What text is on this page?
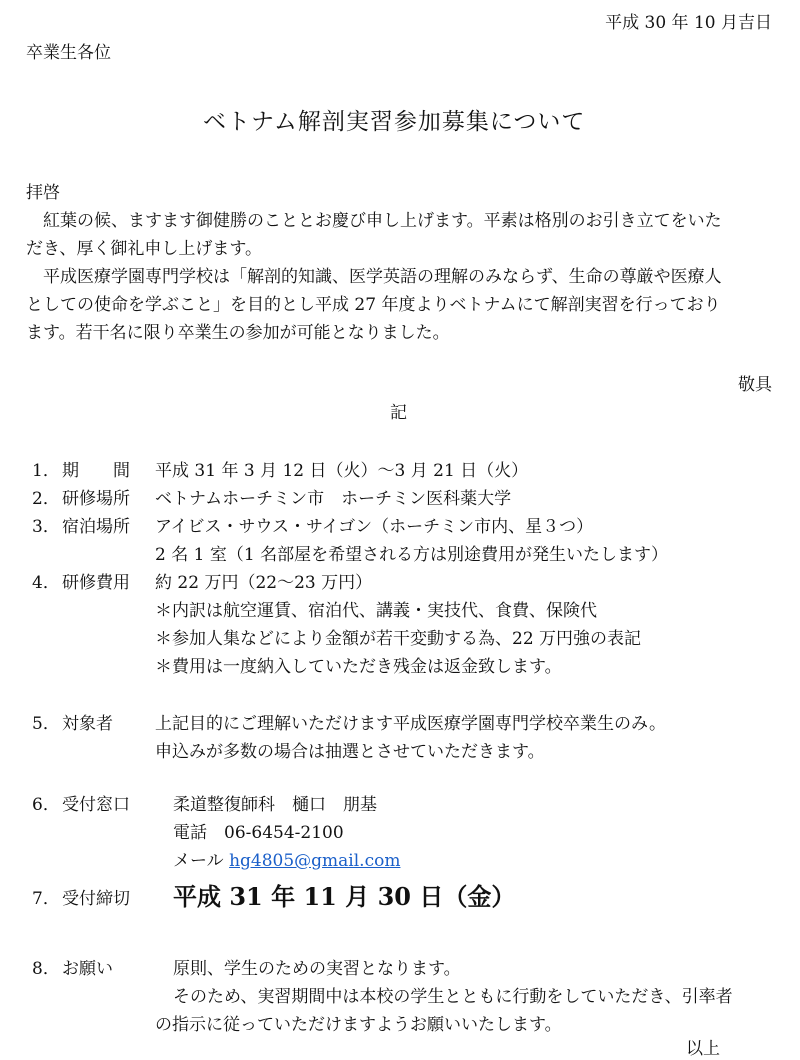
平成 30 年 10 月吉日
卒業生各位
ベトナム解剖実習参加募集について
拝啓
　紅葉の候、ますます御健勝のこととお慶び申し上げます。平素は格別のお引き立てをいた
だき、厚く御礼申し上げます。
　平成医療学園専門学校は「解剖的知識、医学英語の理解のみならず、生命の尊厳や医療人
としての使命を学ぶこと」を目的とし平成 27 年度よりベトナムにて解剖実習を行っており
ます。若干名に限り卒業生の参加が可能となりました。
敬具
記
1． 期　　間 平成 31 年 3 月 12 日（火）～3 月 21 日（火）
2． 研修場所 ベトナムホーチミン市　ホーチミン医科薬大学
3． 宿泊場所 アイビス・サウス・サイゴン（ホーチミン市内、星３つ）
2 名 1 室（1 名部屋を希望される方は別途費用が発生いたします）
4． 研修費用 約 22 万円（22～23 万円）
＊内訳は航空運賃、宿泊代、講義・実技代、食費、保険代
＊参加人集などにより金額が若干変動する為、22 万円強の表記
＊費用は一度納入していただき残金は返金致します。
5． 対象者 上記目的にご理解いただけます平成医療学園専門学校卒業生のみ。
申込みが多数の場合は抽選とさせていただきます。
6． 受付窓口	柔道整復師科　樋口　朋基
電話　06-6454-2100
メール hg4805@gmail.com
7． 受付締切 平成 31 年 11 月 30 日（金）
8． お願い	原則、学生のための実習となります。
そのため、実習期間中は本校の学生とともに行動をしていただき、引率者
の指示に従っていただけますようお願いいたします。
以上
